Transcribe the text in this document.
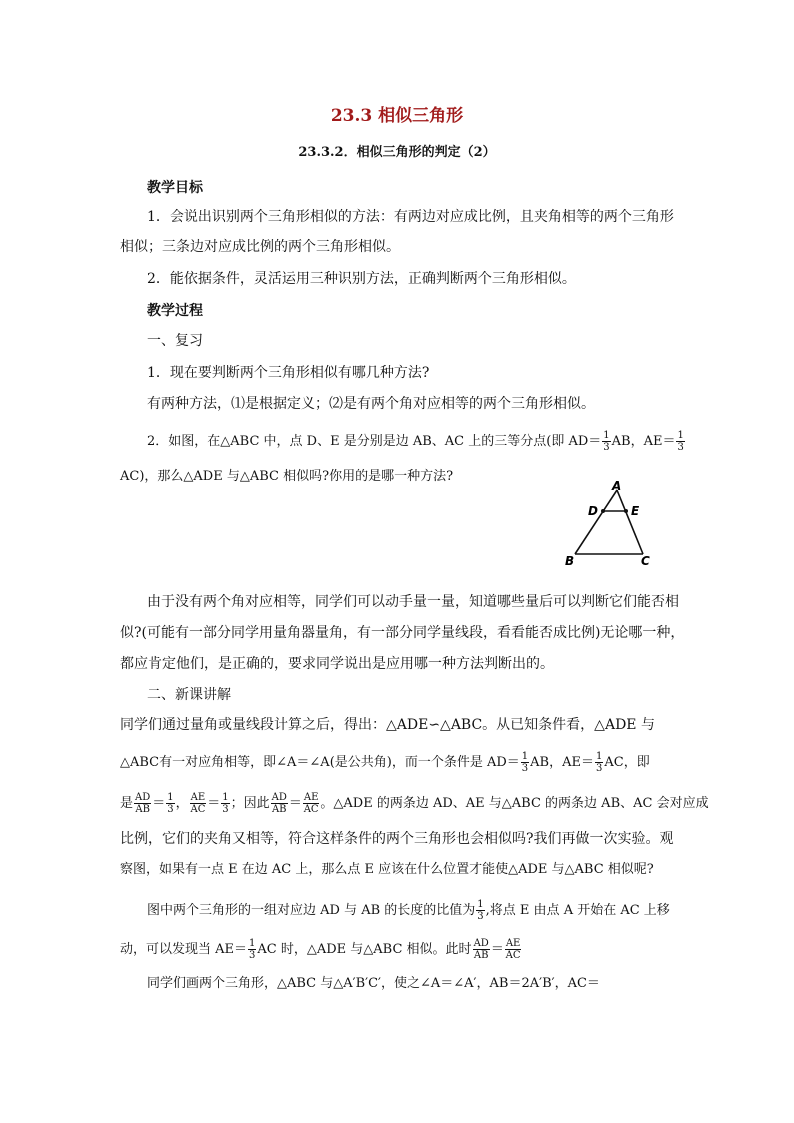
23.3 相似三角形
23.3.2．相似三角形的判定（2）
教学目标
1．会说出识别两个三角形相似的方法：有两边对应成比例，且夹角相等的两个三角形
相似；三条边对应成比例的两个三角形相似。
2．能依据条件，灵活运用三种识别方法，正确判断两个三角形相似。
教学过程
一、复习
1．现在要判断两个三角形相似有哪几种方法?
有两种方法，⑴是根据定义；⑵是有两个角对应相等的两个三角形相似。
2．如图，在△ABC 中，点 D、E 是分别是边 AB、AC 上的三等分点(即 $AD= \frac{1}{3}$ AB，$AE= \frac{1}{3}$
AC)，那么△ADE 与△ABC 相似吗?你用的是哪一种方法?
A
D	E
B	C
由于没有两个角对应相等，同学们可以动手量一量，知道哪些量后可以判断它们能否相
似?(可能有一部分同学用量角器量角，有一部分同学量线段，看看能否成比例)无论哪一种，
都应肯定他们，是正确的，要求同学说出是应用哪一种方法判断出的。
二、新课讲解
同学们通过量角或量线段计算之后，得出：△ADE∽△ABC。从已知条件看，△ADE 与
△ABC有一对应角相等，即∠A＝∠A(是公共角)，而一个条件是 $AD= \frac{1}{3}$ AB，$AE= \frac{1}{3}$ AC，即
是 $\frac{AD}{AB} = \frac{1}{3}$ ， $\frac{AE}{AC} = \frac{1}{3}$ ；因此 $\frac{AD}{AB} = \frac{AE}{AC}$ 。△ADE 的两条边 AD、AE 与△ABC 的两条边 AB、AC 会对应成
比例，它们的夹角又相等，符合这样条件的两个三角形也会相似吗?我们再做一次实验。观
察图，如果有一点 E 在边 AC 上，那么点 E 应该在什么位置才能使△ADE 与△ABC 相似呢?
图中两个三角形的一组对应边 AD 与 AB 的长度的比值为 $\frac{1}{3}$ ,将点 E 由点 A 开始在 AC 上移
动，可以发现当 $AE= \frac{1}{3}$ AC 时，△ADE 与△ABC 相似。此时 $\frac{AD}{AB} = \frac{AE}{AC}$
同学们画两个三角形，△ABC 与△A′B′C′，使之∠A＝∠A′，AB＝2A′B′，AC＝
